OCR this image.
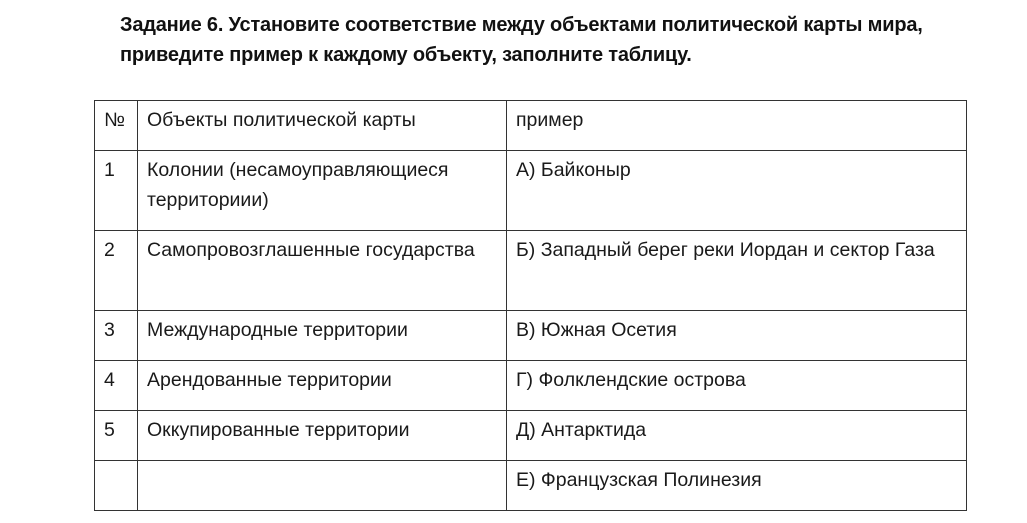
Задание 6. Установите соответствие между объектами политической карты мира,
приведите пример к каждому объекту, заполните таблицу.
№	Объекты политической карты	пример
1	Колонии (несамоуправляющиеся территориии)	А) Байконыр
2	Самопровозглашенные государства	Б) Западный берег реки Иордан и сектор Газа
3	Международные территории	В) Южная Осетия
4	Арендованные территории	Г) Фолклендские острова
5	Оккупированные территории	Д) Антарктида
		Е) Французская Полинезия
